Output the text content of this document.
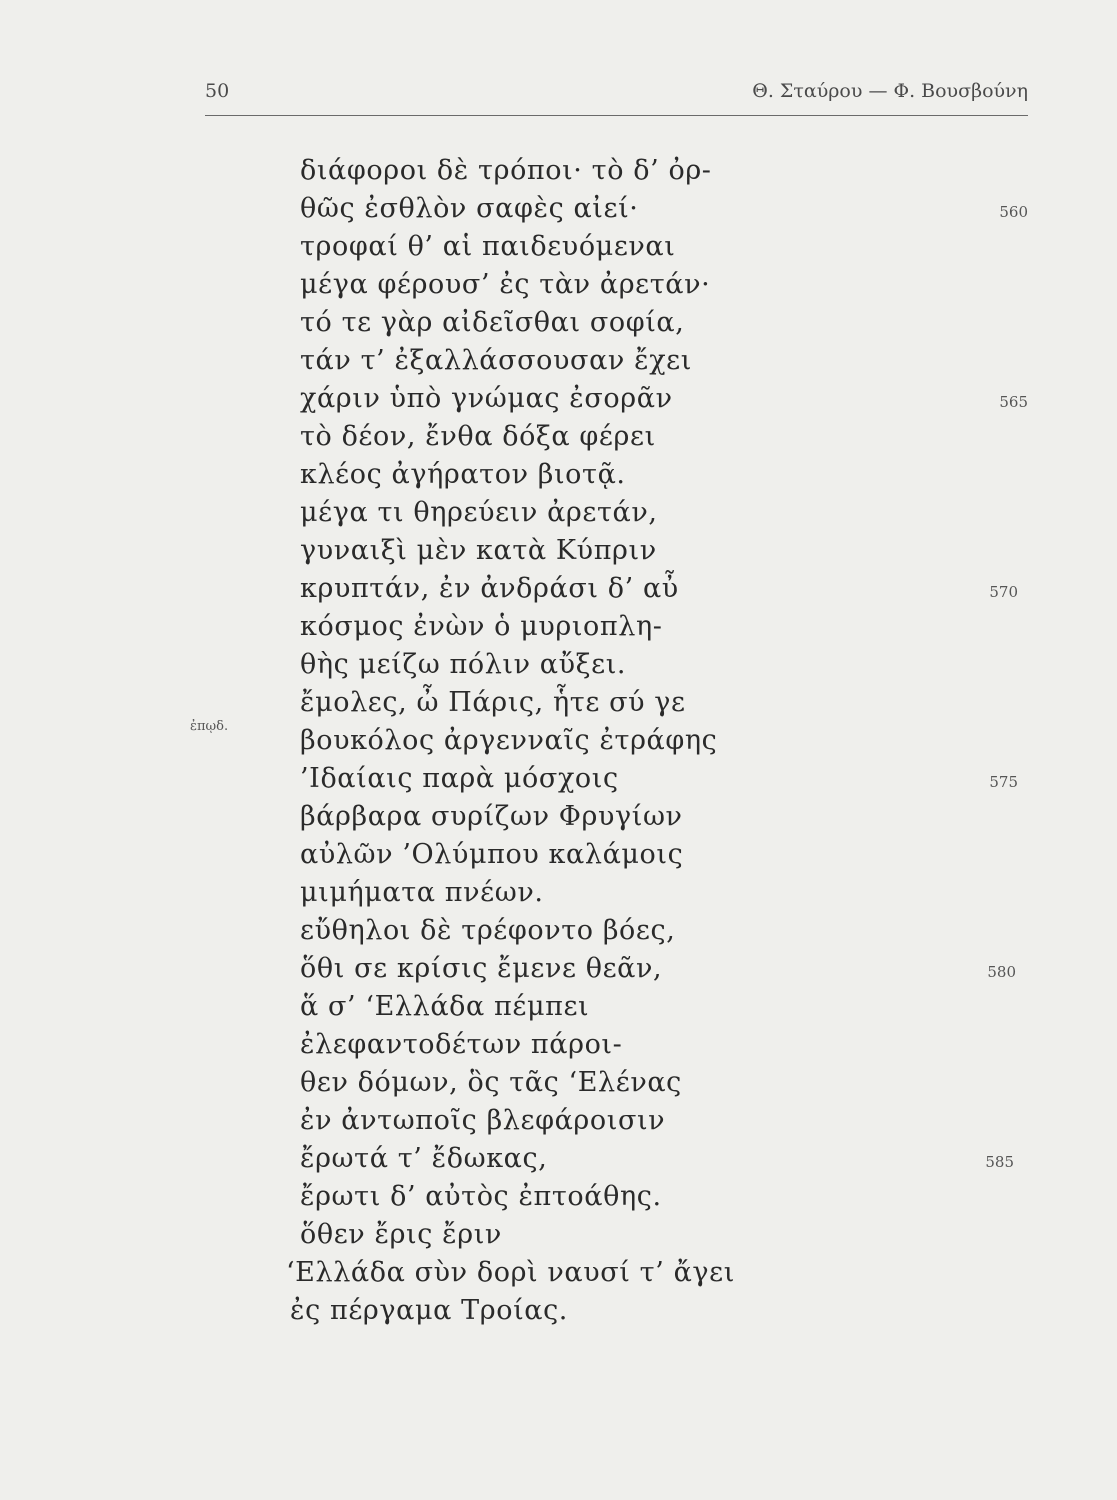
50	Θ. Σταύρου — Φ. Βουσβούνη
ἐπῳδ.
διάφοροι δὲ τρόποι· τὸ δ’ ὀρ-
θῶς ἐσθλὸν σαφὲς αἰεί·	560
τροφαί θ’ αἱ παιδευόμεναι
μέγα φέρουσ’ ἐς τὰν ἀρετάν·
τό τε γὰρ αἰδεῖσθαι σοφία,
τάν τ’ ἐξαλλάσσουσαν ἔχει
χάριν ὑπὸ γνώμας ἐσορᾶν	565
τὸ δέον, ἔνθα δόξα φέρει
κλέος ἀγήρατον βιοτᾷ.
μέγα τι θηρεύειν ἀρετάν,
γυναιξὶ μὲν κατὰ Κύπριν
κρυπτάν, ἐν ἀνδράσι δ’ αὖ	570
κόσμος ἐνὼν ὁ μυριοπλη-
θὴς μείζω πόλιν αὔξει.
ἔμολες, ὦ Πάρις, ἧτε σύ γε
βουκόλος ἀργενναῖς ἐτράφης
’Ιδαίαις παρὰ μόσχοις	575
βάρβαρα συρίζων Φρυγίων
αὐλῶν ’Ολύμπου καλάμοις
μιμήματα πνέων.
εὔθηλοι δὲ τρέφοντο βόες,
ὅθι σε κρίσις ἔμενε θεᾶν,	580
ἅ σ’ ‘Ελλάδα πέμπει
ἐλεφαντοδέτων πάροι-
θεν δόμων, ὃς τᾶς ‘Ελένας
ἐν ἀντωποῖς βλεφάροισιν
ἔρωτά τ’ ἔδωκας,	585
ἔρωτι δ’ αὐτὸς ἐπτοάθης.
ὅθεν ἔρις ἔριν
‘Ελλάδα σὺν δορὶ ναυσί τ’ ἄγει
ἐς πέργαμα Τροίας.
